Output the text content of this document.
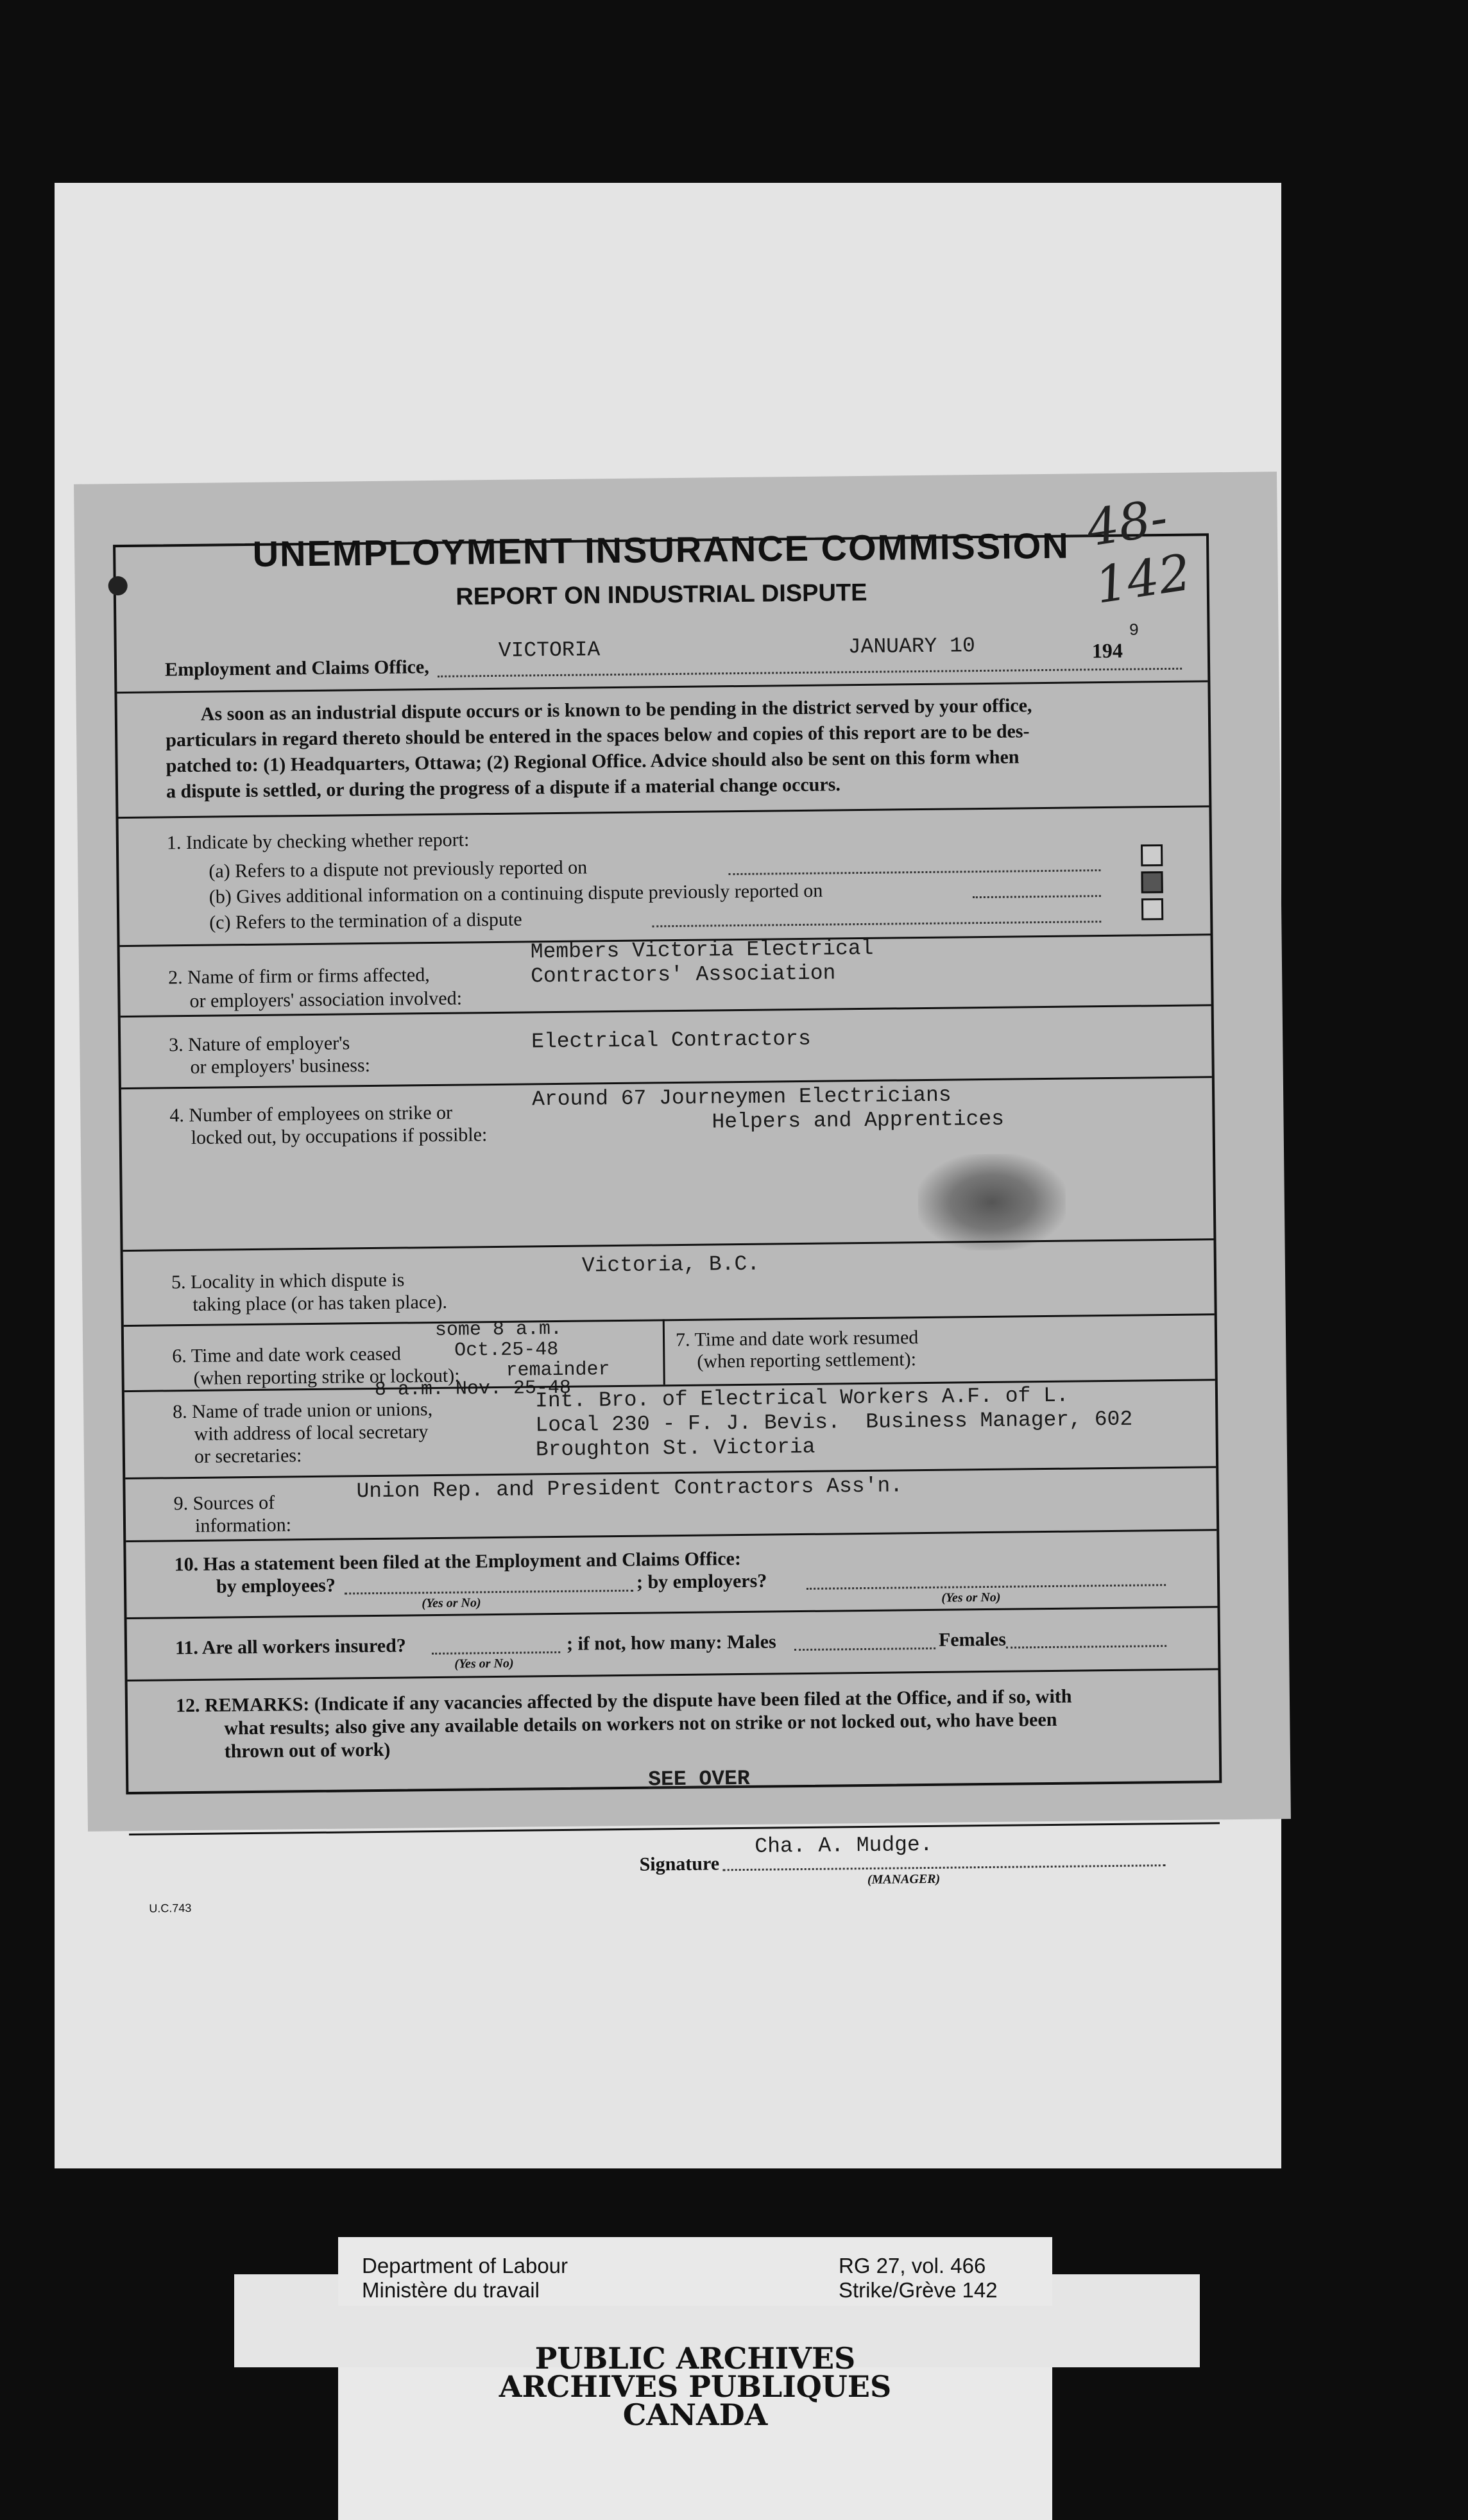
UNEMPLOYMENT INSURANCE COMMISSION
REPORT ON INDUSTRIAL DISPUTE
48-142
Employment and Claims Office,
VICTORIA	JANUARY 10	194
9
As soon as an industrial dispute occurs or is known to be pending in the district served by your office,
particulars in regard thereto should be entered in the spaces below and copies of this report are to be des-
patched to: (1) Headquarters, Ottawa; (2) Regional Office. Advice should also be sent on this form when
a dispute is settled, or during the progress of a dispute if a material change occurs.
1. Indicate by checking whether report:
(a) Refers to a dispute not previously reported on
(b) Gives additional information on a continuing dispute previously reported on
(c) Refers to the termination of a dispute
2. Name of firm or firms affected,
or employers' association involved:
Members Victoria Electrical
Contractors' Association
3. Nature of employer's
or employers' business:
Electrical Contractors
4. Number of employees on strike or
locked out, by occupations if possible:
Around 67 Journeymen Electricians
Helpers and Apprentices
5. Locality in which dispute is
taking place (or has taken place).
Victoria, B.C.
6. Time and date work ceased
(when reporting strike or lockout):
some 8 a.m.
Oct.25-48
remainder
8 a.m. Nov. 25-48
7. Time and date work resumed
(when reporting settlement):
8. Name of trade union or unions,
with address of local secretary
or secretaries:
Int. Bro. of Electrical Workers A.F. of L.
Local 230 - F. J. Bevis.  Business Manager, 602
Broughton St. Victoria
9. Sources of
information:
Union Rep. and President Contractors Ass'n.
10. Has a statement been filed at the Employment and Claims Office:
by employees?
(Yes or No)
; by employers?
(Yes or No)
11. Are all workers insured?
(Yes or No)
; if not, how many: Males	Females
12. REMARKS: (Indicate if any vacancies affected by the dispute have been filed at the Office, and if so, with
what results; also give any available details on workers not on strike or not locked out, who have been
thrown out of work)
SEE OVER
Signature
Cha. A. Mudge.
(MANAGER)
U.C.743
Department of Labour
Ministère du travail
RG 27, vol. 466
Strike/Grève 142
PUBLIC ARCHIVES
ARCHIVES PUBLIQUES
CANADA
